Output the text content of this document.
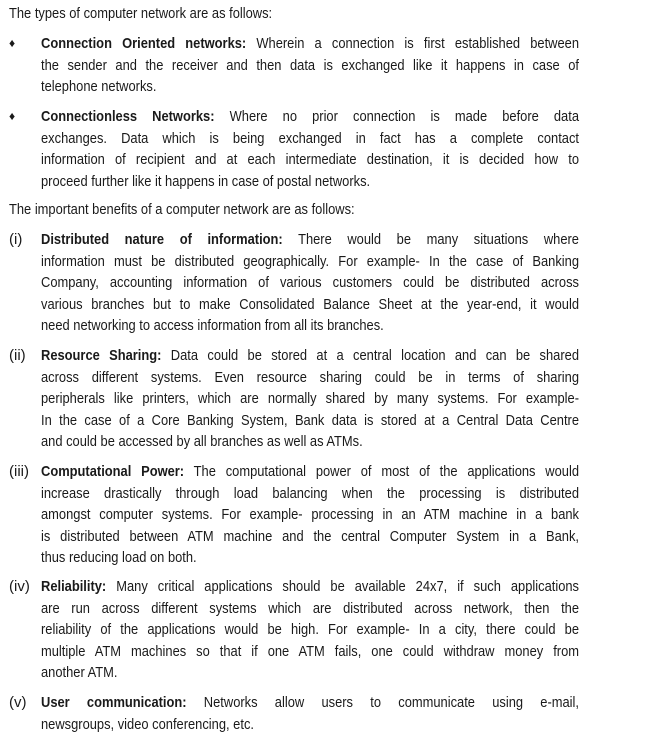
The types of computer network are as follows:
♦ Connection Oriented networks: Wherein a connection is first established between
the sender and the receiver and then data is exchanged like it happens in case of
telephone networks.
♦ Connectionless Networks: Where no prior connection is made before data
exchanges. Data which is being exchanged in fact has a complete contact
information of recipient and at each intermediate destination, it is decided how to
proceed further like it happens in case of postal networks.
The important benefits of a computer network are as follows:
(i) Distributed nature of information: There would be many situations where
information must be distributed geographically. For example- In the case of Banking
Company, accounting information of various customers could be distributed across
various branches but to make Consolidated Balance Sheet at the year-end, it would
need networking to access information from all its branches.
(ii) Resource Sharing: Data could be stored at a central location and can be shared
across different systems. Even resource sharing could be in terms of sharing
peripherals like printers, which are normally shared by many systems. For example-
In the case of a Core Banking System, Bank data is stored at a Central Data Centre
and could be accessed by all branches as well as ATMs.
(iii) Computational Power: The computational power of most of the applications would
increase drastically through load balancing when the processing is distributed
amongst computer systems. For example- processing in an ATM machine in a bank
is distributed between ATM machine and the central Computer System in a Bank,
thus reducing load on both.
(iv) Reliability: Many critical applications should be available 24x7, if such applications
are run across different systems which are distributed across network, then the
reliability of the applications would be high. For example- In a city, there could be
multiple ATM machines so that if one ATM fails, one could withdraw money from
another ATM.
(v) User communication: Networks allow users to communicate using e-mail,
newsgroups, video conferencing, etc.
